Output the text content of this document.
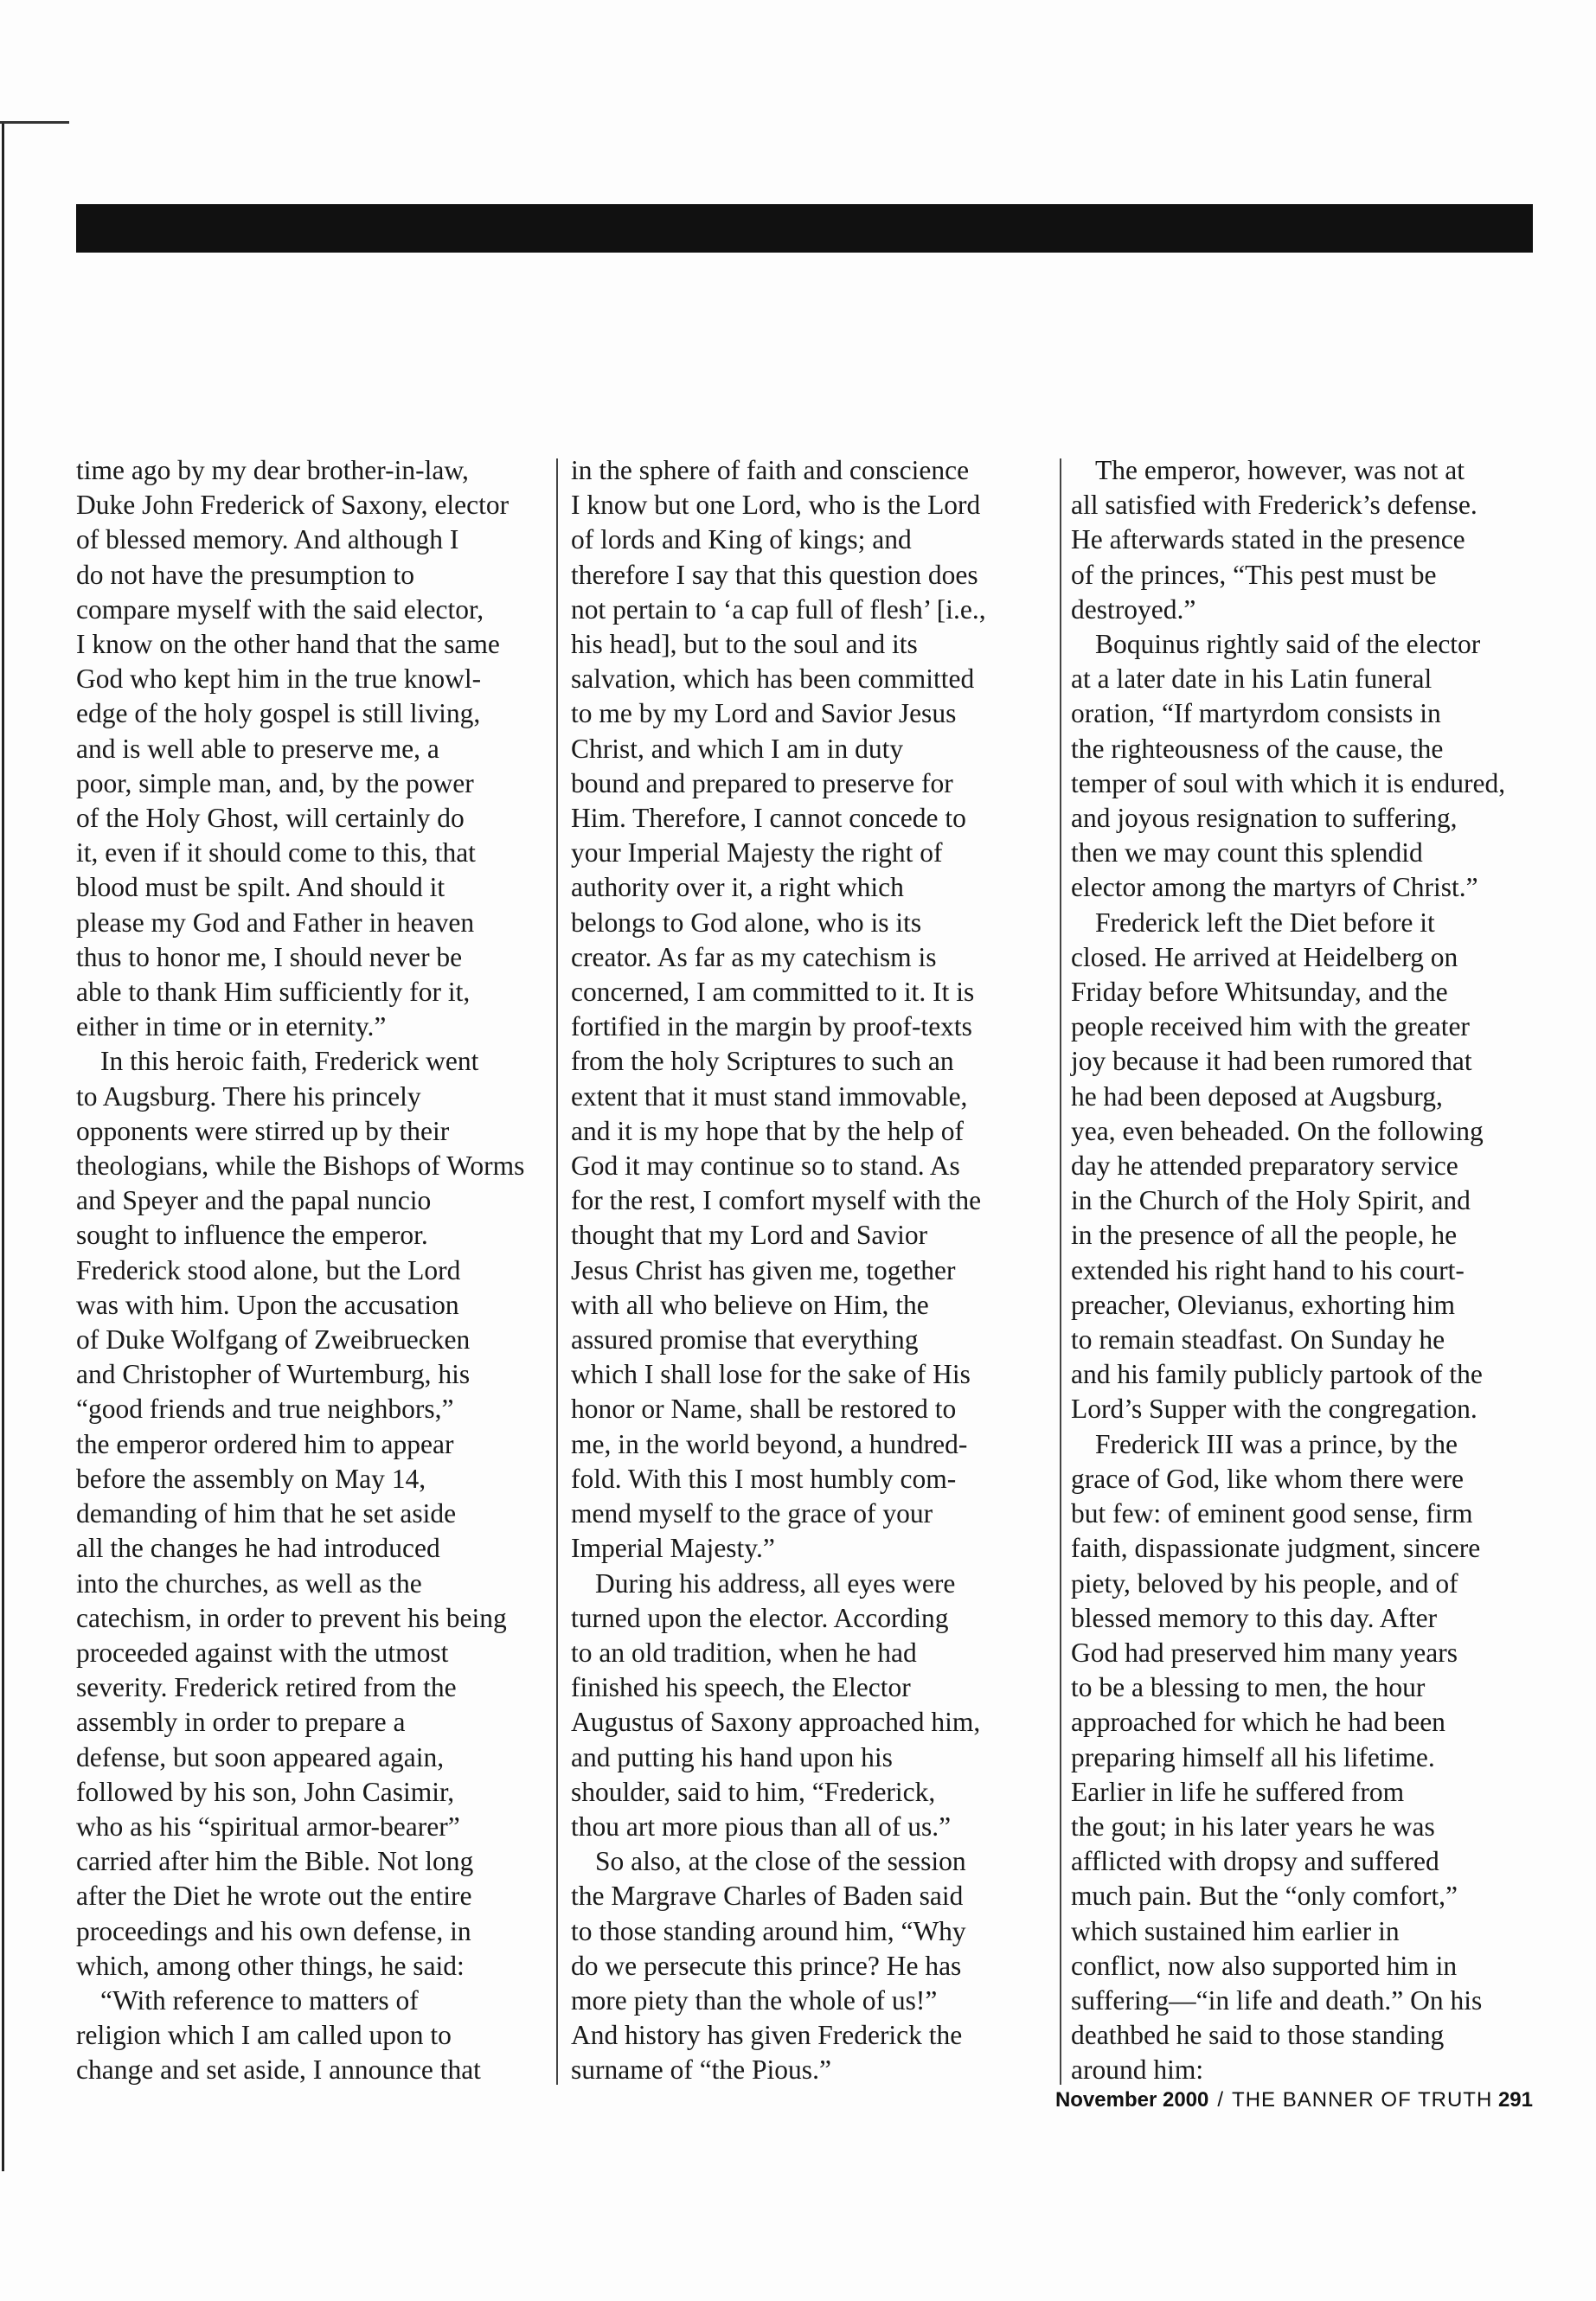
time ago by my dear brother-in-law,
Duke John Frederick of Saxony, elector
of blessed memory. And although I
do not have the presumption to
compare myself with the said elector,
I know on the other hand that the same
God who kept him in the true knowl-
edge of the holy gospel is still living,
and is well able to preserve me, a
poor, simple man, and, by the power
of the Holy Ghost, will certainly do
it, even if it should come to this, that
blood must be spilt. And should it
please my God and Father in heaven
thus to honor me, I should never be
able to thank Him sufficiently for it,
either in time or in eternity.”
In this heroic faith, Frederick went
to Augsburg. There his princely
opponents were stirred up by their
theologians, while the Bishops of Worms
and Speyer and the papal nuncio
sought to influence the emperor.
Frederick stood alone, but the Lord
was with him. Upon the accusation
of Duke Wolfgang of Zweibruecken
and Christopher of Wurtemburg, his
“good friends and true neighbors,”
the emperor ordered him to appear
before the assembly on May 14,
demanding of him that he set aside
all the changes he had introduced
into the churches, as well as the
catechism, in order to prevent his being
proceeded against with the utmost
severity. Frederick retired from the
assembly in order to prepare a
defense, but soon appeared again,
followed by his son, John Casimir,
who as his “spiritual armor-bearer”
carried after him the Bible. Not long
after the Diet he wrote out the entire
proceedings and his own defense, in
which, among other things, he said:
“With reference to matters of
religion which I am called upon to
change and set aside, I announce that
in the sphere of faith and conscience
I know but one Lord, who is the Lord
of lords and King of kings; and
therefore I say that this question does
not pertain to ‘a cap full of flesh’ [i.e.,
his head], but to the soul and its
salvation, which has been committed
to me by my Lord and Savior Jesus
Christ, and which I am in duty
bound and prepared to preserve for
Him. Therefore, I cannot concede to
your Imperial Majesty the right of
authority over it, a right which
belongs to God alone, who is its
creator. As far as my catechism is
concerned, I am committed to it. It is
fortified in the margin by proof-texts
from the holy Scriptures to such an
extent that it must stand immovable,
and it is my hope that by the help of
God it may continue so to stand. As
for the rest, I comfort myself with the
thought that my Lord and Savior
Jesus Christ has given me, together
with all who believe on Him, the
assured promise that everything
which I shall lose for the sake of His
honor or Name, shall be restored to
me, in the world beyond, a hundred-
fold. With this I most humbly com-
mend myself to the grace of your
Imperial Majesty.”
During his address, all eyes were
turned upon the elector. According
to an old tradition, when he had
finished his speech, the Elector
Augustus of Saxony approached him,
and putting his hand upon his
shoulder, said to him, “Frederick,
thou art more pious than all of us.”
So also, at the close of the session
the Margrave Charles of Baden said
to those standing around him, “Why
do we persecute this prince? He has
more piety than the whole of us!”
And history has given Frederick the
surname of “the Pious.”
The emperor, however, was not at
all satisfied with Frederick’s defense.
He afterwards stated in the presence
of the princes, “This pest must be
destroyed.”
Boquinus rightly said of the elector
at a later date in his Latin funeral
oration, “If martyrdom consists in
the righteousness of the cause, the
temper of soul with which it is endured,
and joyous resignation to suffering,
then we may count this splendid
elector among the martyrs of Christ.”
Frederick left the Diet before it
closed. He arrived at Heidelberg on
Friday before Whitsunday, and the
people received him with the greater
joy because it had been rumored that
he had been deposed at Augsburg,
yea, even beheaded. On the following
day he attended preparatory service
in the Church of the Holy Spirit, and
in the presence of all the people, he
extended his right hand to his court-
preacher, Olevianus, exhorting him
to remain steadfast. On Sunday he
and his family publicly partook of the
Lord’s Supper with the congregation.
Frederick III was a prince, by the
grace of God, like whom there were
but few: of eminent good sense, firm
faith, dispassionate judgment, sincere
piety, beloved by his people, and of
blessed memory to this day. After
God had preserved him many years
to be a blessing to men, the hour
approached for which he had been
preparing himself all his lifetime.
Earlier in life he suffered from
the gout; in his later years he was
afflicted with dropsy and suffered
much pain. But the “only comfort,”
which sustained him earlier in
conflict, now also supported him in
suffering—“in life and death.” On his
deathbed he said to those standing
around him:
November 2000 / THE BANNER OF TRUTH 291
